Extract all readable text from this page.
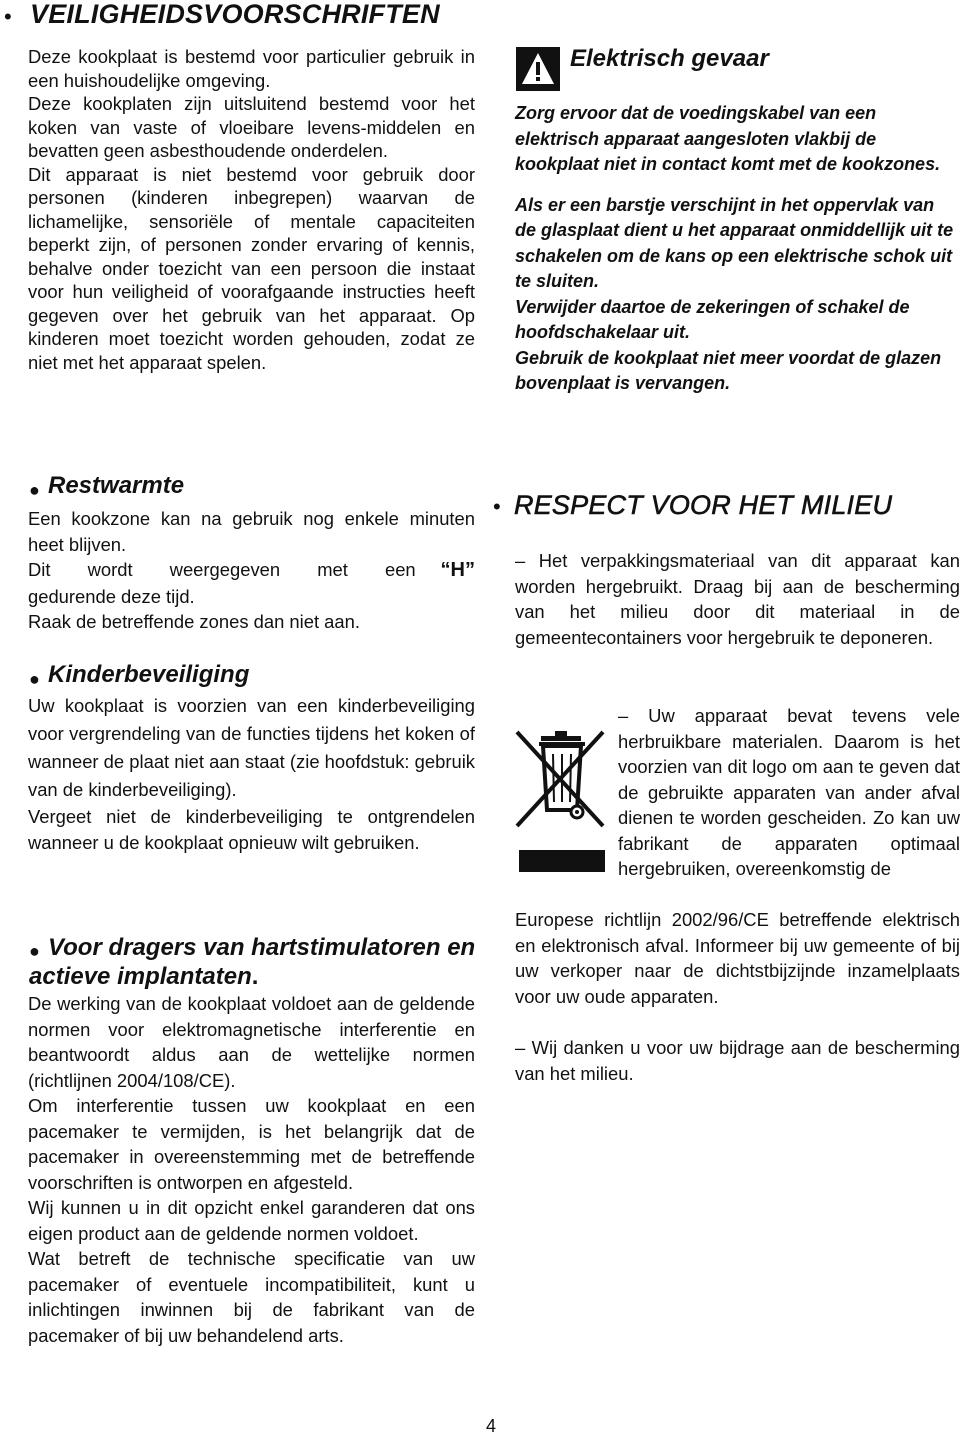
• VEILIGHEIDSVOORSCHRIFTEN

Deze kookplaat is bestemd voor particulier gebruik in een huishoudelijke omgeving.

Deze kookplaten zijn uitsluitend bestemd voor het koken van vaste of vloeibare levens-middelen en bevatten geen asbesthoudende onderdelen.

Dit apparaat is niet bestemd voor gebruik door personen (kinderen inbegrepen) waarvan de lichamelijke, sensoriële of mentale capaciteiten beperkt zijn, of personen zonder ervaring of kennis, behalve onder toezicht van een persoon die instaat voor hun veiligheid of voorafgaande instructies heeft gegeven over het gebruik van het apparaat. Op kinderen moet toezicht worden gehouden, zodat ze niet met het apparaat spelen.

Elektrisch gevaar

Zorg ervoor dat de voedingskabel van een elektrisch apparaat aangesloten vlakbij de kookplaat niet in contact komt met de kookzones.

Als er een barstje verschijnt in het oppervlak van de glasplaat dient u het apparaat onmiddellijk uit te schakelen om de kans op een elektrische schok uit te sluiten.

Verwijder daartoe de zekeringen of schakel de hoofdschakelaar uit.

Gebruik de kookplaat niet meer voordat de glazen bovenplaat is vervangen.

● Restwarmte

Een kookzone kan na gebruik nog enkele minuten heet blijven.

Dit wordt weergegeven met een “H”

gedurende deze tijd.

Raak de betreffende zones dan niet aan.

● Kinderbeveiliging

Uw kookplaat is voorzien van een kinderbeveiliging voor vergrendeling van de functies tijdens het koken of wanneer de plaat niet aan staat (zie hoofdstuk: gebruik van de kinderbeveiliging).

Vergeet niet de kinderbeveiliging te ontgrendelen wanneer u de kookplaat opnieuw wilt gebruiken.

● Voor dragers van hartstimulatoren en actieve implantaten.

De werking van de kookplaat voldoet aan de geldende normen voor elektromagnetische interferentie en beantwoordt aldus aan de wettelijke normen (richtlijnen 2004/108/CE).

Om interferentie tussen uw kookplaat en een pacemaker te vermijden, is het belangrijk dat de pacemaker in overeenstemming met de betreffende voorschriften is ontworpen en afgesteld.

Wij kunnen u in dit opzicht enkel garanderen dat ons eigen product aan de geldende normen voldoet.

Wat betreft de technische specificatie van uw pacemaker of eventuele incompatibiliteit, kunt u inlichtingen inwinnen bij de fabrikant van de pacemaker of bij uw behandelend arts.

• RESPECT VOOR HET MILIEU

– Het verpakkingsmateriaal van dit apparaat kan worden hergebruikt. Draag bij aan de bescherming van het milieu door dit materiaal in de gemeentecontainers voor hergebruik te deponeren.

– Uw apparaat bevat tevens vele herbruikbare materialen. Daarom is het voorzien van dit logo om aan te geven dat de gebruikte apparaten van ander afval dienen te worden gescheiden. Zo kan uw fabrikant de apparaten optimaal hergebruiken, overeenkomstig de

Europese richtlijn 2002/96/CE betreffende elektrisch en elektronisch afval. Informeer bij uw gemeente of bij uw verkoper naar de dichtstbijzijnde inzamelplaats voor uw oude apparaten.

– Wij danken u voor uw bijdrage aan de bescherming van het milieu.

4
